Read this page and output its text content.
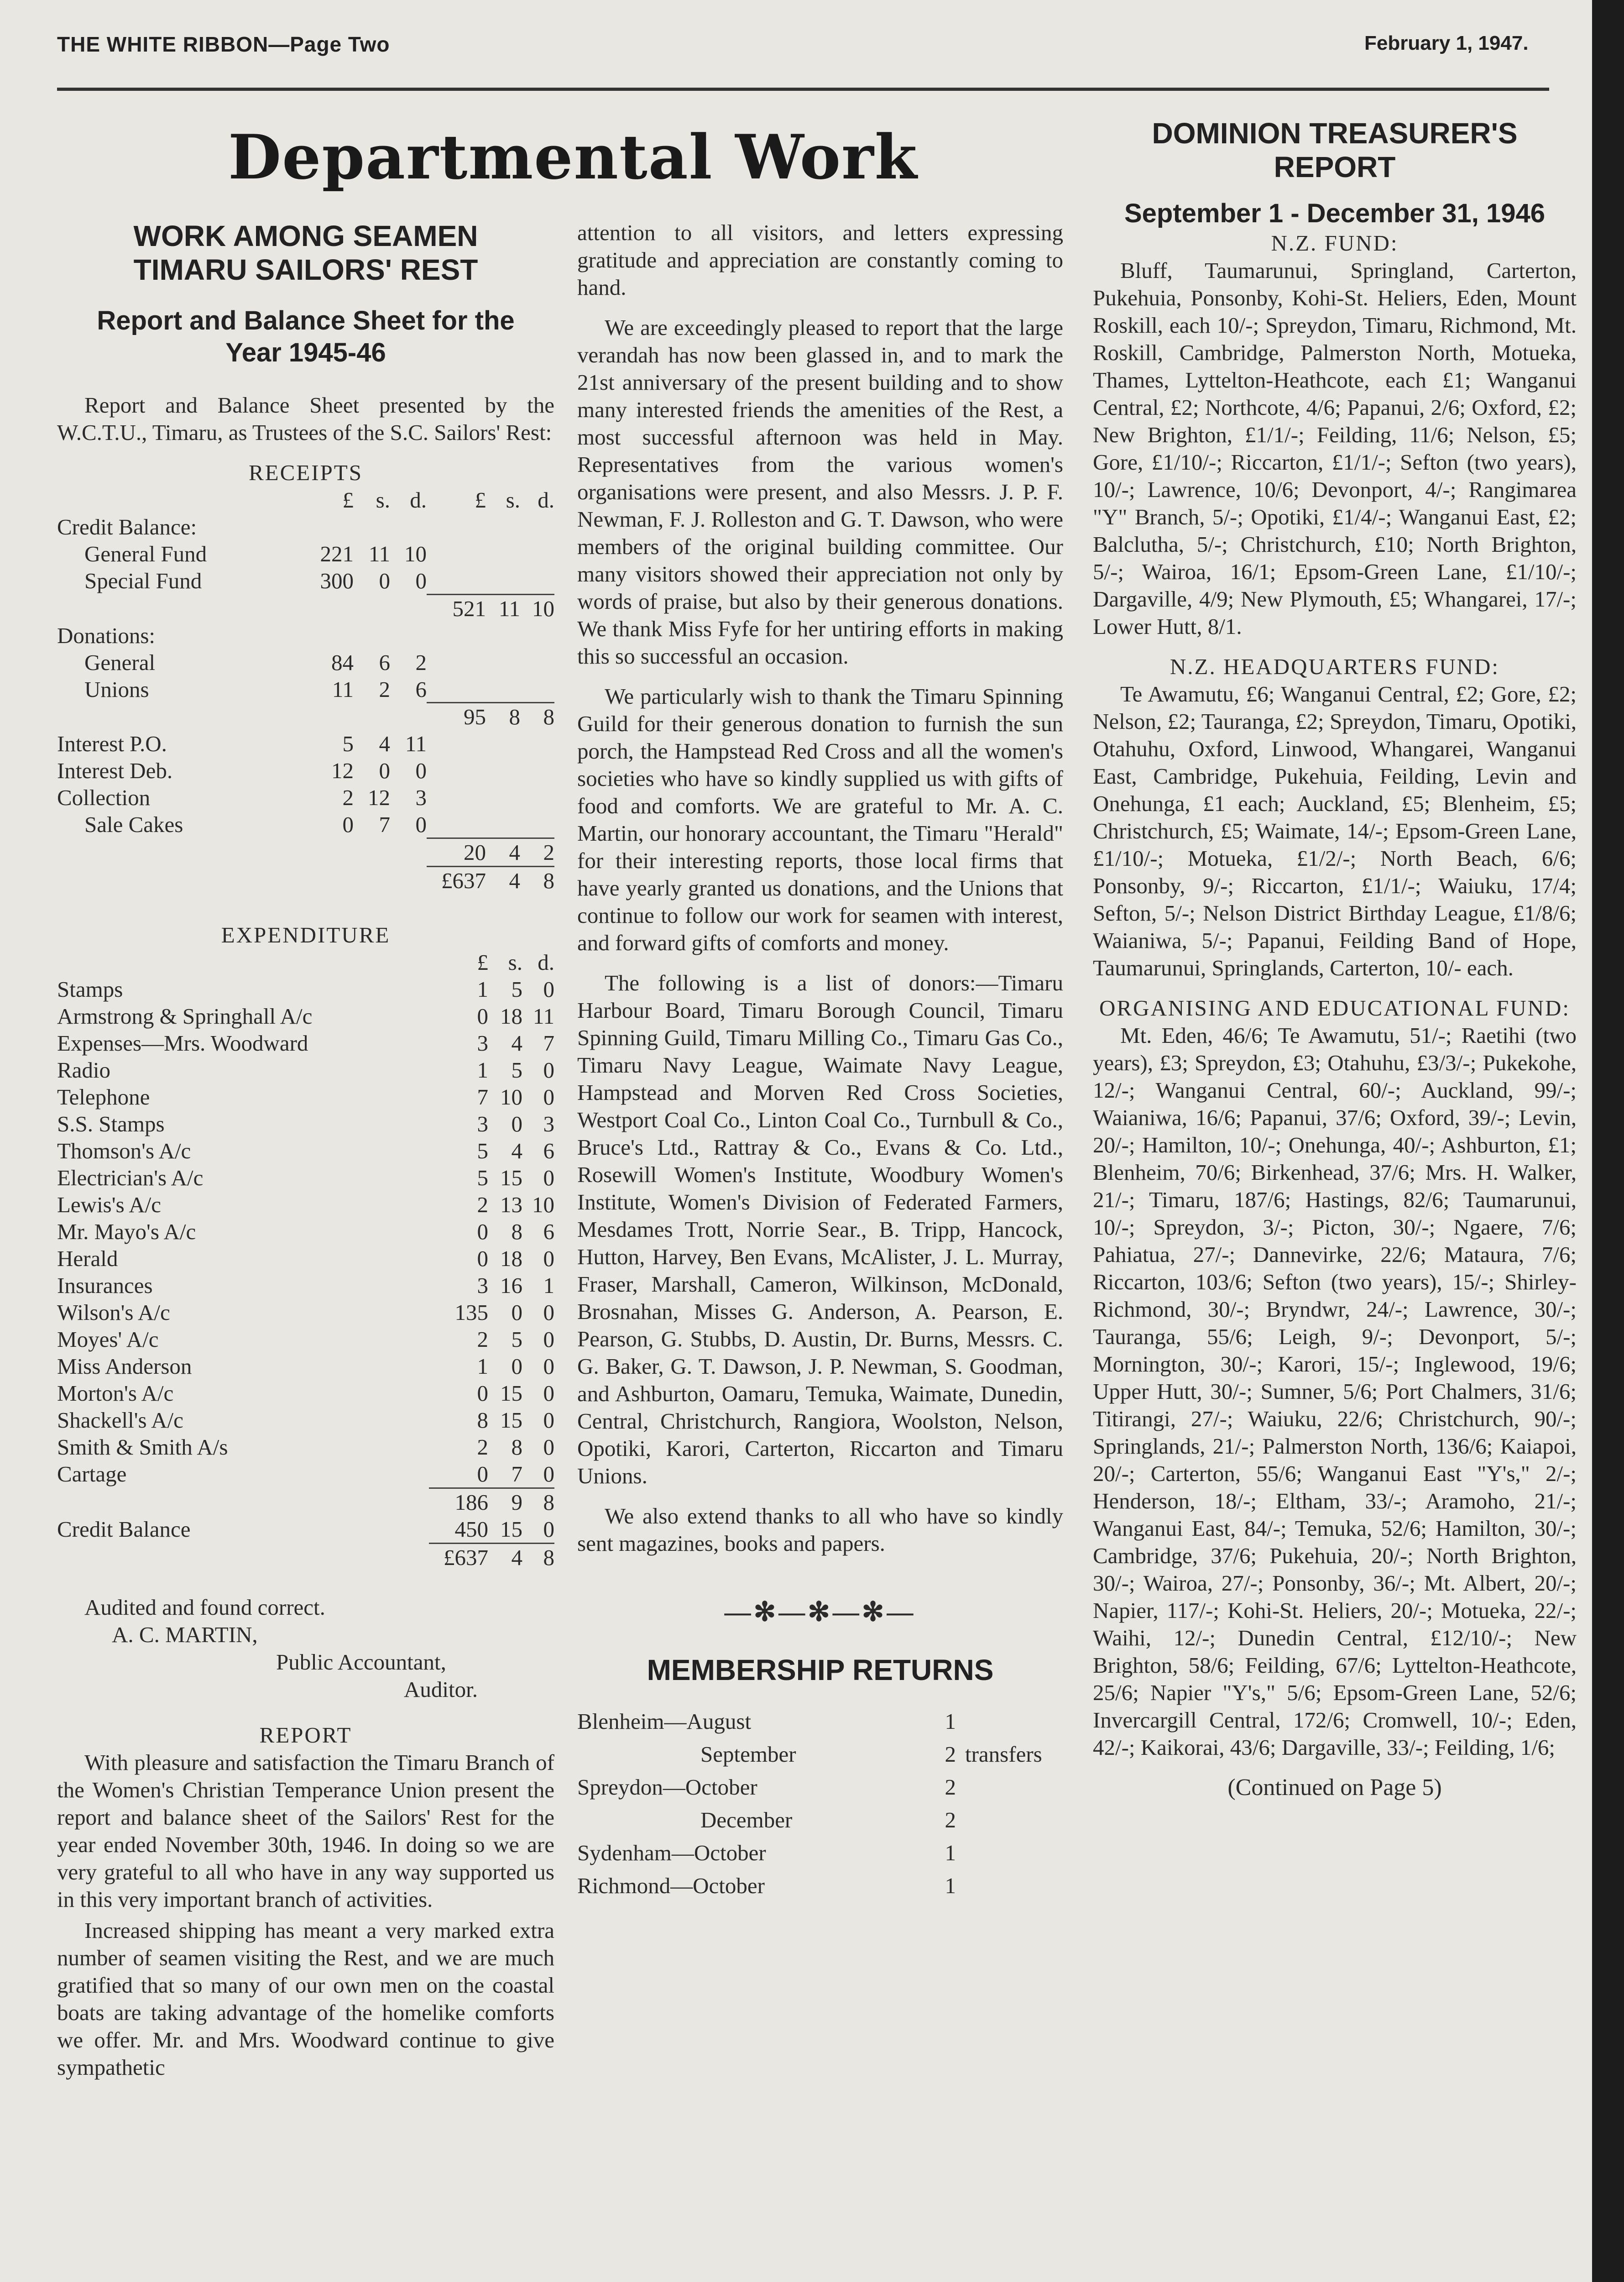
THE WHITE RIBBON—Page Two	February 1, 1947.
Departmental Work
WORK AMONG SEAMEN
TIMARU SAILORS' REST
Report and Balance Sheet for the
Year 1945-46

Report and Balance Sheet presented by the W.C.T.U., Timaru, as Trustees of the S.C. Sailors' Rest:

RECEIPTS
	£	s.	d.	£	s.	d.
Credit Balance:						
General Fund	221	11	10			
Special Fund	300	0	0			
				521	11	10
Donations:						
General	84	6	2			
Unions	11	2	6			
				95	8	8
Interest P.O.	5	4	11			
Interest Deb.	12	0	0			
Collection	2	12	3			
Sale Cakes	0	7	0			
				20	4	2
				£637	4	8
EXPENDITURE
	£	s.	d.
Stamps	1	5	0
Armstrong & Springhall A/c	0	18	11
Expenses—Mrs. Woodward	3	4	7
Radio	1	5	0
Telephone	7	10	0
S.S. Stamps	3	0	3
Thomson's A/c	5	4	6
Electrician's A/c	5	15	0
Lewis's A/c	2	13	10
Mr. Mayo's A/c	0	8	6
Herald	0	18	0
Insurances	3	16	1
Wilson's A/c	135	0	0
Moyes' A/c	2	5	0
Miss Anderson	1	0	0
Morton's A/c	0	15	0
Shackell's A/c	8	15	0
Smith & Smith A/s	2	8	0
Cartage	0	7	0
	186	9	8
Credit Balance	450	15	0
	£637	4	8
Audited and found correct.
A. C. MARTIN,
Public Accountant,
Auditor.
REPORT

With pleasure and satisfaction the Timaru Branch of the Women's Christian Temperance Union present the report and balance sheet of the Sailors' Rest for the year ended November 30th, 1946. In doing so we are very grateful to all who have in any way supported us in this very important branch of activities.

Increased shipping has meant a very marked extra number of seamen visiting the Rest, and we are much gratified that so many of our own men on the coastal boats are taking advantage of the homelike comforts we offer. Mr. and Mrs. Woodward continue to give sympathetic

attention to all visitors, and letters expressing gratitude and appreciation are constantly coming to hand.

We are exceedingly pleased to report that the large verandah has now been glassed in, and to mark the 21st anniversary of the present building and to show many interested friends the amenities of the Rest, a most successful afternoon was held in May. Representatives from the various women's organisations were present, and also Messrs. J. P. F. Newman, F. J. Rolleston and G. T. Dawson, who were members of the original building committee. Our many visitors showed their appreciation not only by words of praise, but also by their generous donations. We thank Miss Fyfe for her untiring efforts in making this so successful an occasion.

We particularly wish to thank the Timaru Spinning Guild for their generous donation to furnish the sun porch, the Hampstead Red Cross and all the women's societies who have so kindly supplied us with gifts of food and comforts. We are grateful to Mr. A. C. Martin, our honorary accountant, the Timaru "Herald" for their interesting reports, those local firms that have yearly granted us donations, and the Unions that continue to follow our work for seamen with interest, and forward gifts of comforts and money.

The following is a list of donors:—Timaru Harbour Board, Timaru Borough Council, Timaru Spinning Guild, Timaru Milling Co., Timaru Gas Co., Timaru Navy League, Waimate Navy League, Hampstead and Morven Red Cross Societies, Westport Coal Co., Linton Coal Co., Turnbull & Co., Bruce's Ltd., Rattray & Co., Evans & Co. Ltd., Rosewill Women's Institute, Woodbury Women's Institute, Women's Division of Federated Farmers, Mesdames Trott, Norrie Sear., B. Tripp, Hancock, Hutton, Harvey, Ben Evans, McAlister, J. L. Murray, Fraser, Marshall, Cameron, Wilkinson, McDonald, Brosnahan, Misses G. Anderson, A. Pearson, E. Pearson, G. Stubbs, D. Austin, Dr. Burns, Messrs. C. G. Baker, G. T. Dawson, J. P. Newman, S. Goodman, and Ashburton, Oamaru, Temuka, Waimate, Dunedin, Central, Christchurch, Rangiora, Woolston, Nelson, Opotiki, Karori, Carterton, Riccarton and Timaru Unions.

We also extend thanks to all who have so kindly sent magazines, books and papers.

—✻—✻—✻—
MEMBERSHIP RETURNS
Blenheim—August	1	
September	2	transfers
Spreydon—October	2	
December	2	
Sydenham—October	1	
Richmond—October	1	
DOMINION TREASURER'S REPORT
September 1 - December 31, 1946
N.Z. FUND:

Bluff, Taumarunui, Springland, Carterton, Pukehuia, Ponsonby, Kohi-St. Heliers, Eden, Mount Roskill, each 10/-; Spreydon, Timaru, Richmond, Mt. Roskill, Cambridge, Palmerston North, Motueka, Thames, Lyttelton-Heathcote, each £1; Wanganui Central, £2; Northcote, 4/6; Papanui, 2/6; Oxford, £2; New Brighton, £1/1/-; Feilding, 11/6; Nelson, £5; Gore, £1/10/-; Riccarton, £1/1/-; Sefton (two years), 10/-; Lawrence, 10/6; Devonport, 4/-; Rangimarea "Y" Branch, 5/-; Opotiki, £1/4/-; Wanganui East, £2; Balclutha, 5/-; Christchurch, £10; North Brighton, 5/-; Wairoa, 16/1; Epsom-Green Lane, £1/10/-; Dargaville, 4/9; New Plymouth, £5; Whangarei, 17/-; Lower Hutt, 8/1.

N.Z. HEADQUARTERS FUND:

Te Awamutu, £6; Wanganui Central, £2; Gore, £2; Nelson, £2; Tauranga, £2; Spreydon, Timaru, Opotiki, Otahuhu, Oxford, Linwood, Whangarei, Wanganui East, Cambridge, Pukehuia, Feilding, Levin and Onehunga, £1 each; Auckland, £5; Blenheim, £5; Christchurch, £5; Waimate, 14/-; Epsom-Green Lane, £1/10/-; Motueka, £1/2/-; North Beach, 6/6; Ponsonby, 9/-; Riccarton, £1/1/-; Waiuku, 17/4; Sefton, 5/-; Nelson District Birthday League, £1/8/6; Waianiwa, 5/-; Papanui, Feilding Band of Hope, Taumarunui, Springlands, Carterton, 10/- each.

ORGANISING AND EDUCATIONAL FUND:

Mt. Eden, 46/6; Te Awamutu, 51/-; Raetihi (two years), £3; Spreydon, £3; Otahuhu, £3/3/-; Pukekohe, 12/-; Wanganui Central, 60/-; Auckland, 99/-; Waianiwa, 16/6; Papanui, 37/6; Oxford, 39/-; Levin, 20/-; Hamilton, 10/-; Onehunga, 40/-; Ashburton, £1; Blenheim, 70/6; Birkenhead, 37/6; Mrs. H. Walker, 21/-; Timaru, 187/6; Hastings, 82/6; Taumarunui, 10/-; Spreydon, 3/-; Picton, 30/-; Ngaere, 7/6; Pahiatua, 27/-; Dannevirke, 22/6; Mataura, 7/6; Riccarton, 103/6; Sefton (two years), 15/-; Shirley-Richmond, 30/-; Bryndwr, 24/-; Lawrence, 30/-; Tauranga, 55/6; Leigh, 9/-; Devonport, 5/-; Mornington, 30/-; Karori, 15/-; Inglewood, 19/6; Upper Hutt, 30/-; Sumner, 5/6; Port Chalmers, 31/6; Titirangi, 27/-; Waiuku, 22/6; Christchurch, 90/-; Springlands, 21/-; Palmerston North, 136/6; Kaiapoi, 20/-; Carterton, 55/6; Wanganui East "Y's," 2/-; Henderson, 18/-; Eltham, 33/-; Aramoho, 21/-; Wanganui East, 84/-; Temuka, 52/6; Hamilton, 30/-; Cambridge, 37/6; Pukehuia, 20/-; North Brighton, 30/-; Wairoa, 27/-; Ponsonby, 36/-; Mt. Albert, 20/-; Napier, 117/-; Kohi-St. Heliers, 20/-; Motueka, 22/-; Waihi, 12/-; Dunedin Central, £12/10/-; New Brighton, 58/6; Feilding, 67/6; Lyttelton-Heathcote, 25/6; Napier "Y's," 5/6; Epsom-Green Lane, 52/6; Invercargill Central, 172/6; Cromwell, 10/-; Eden, 42/-; Kaikorai, 43/6; Dargaville, 33/-; Feilding, 1/6;

(Continued on Page 5)
